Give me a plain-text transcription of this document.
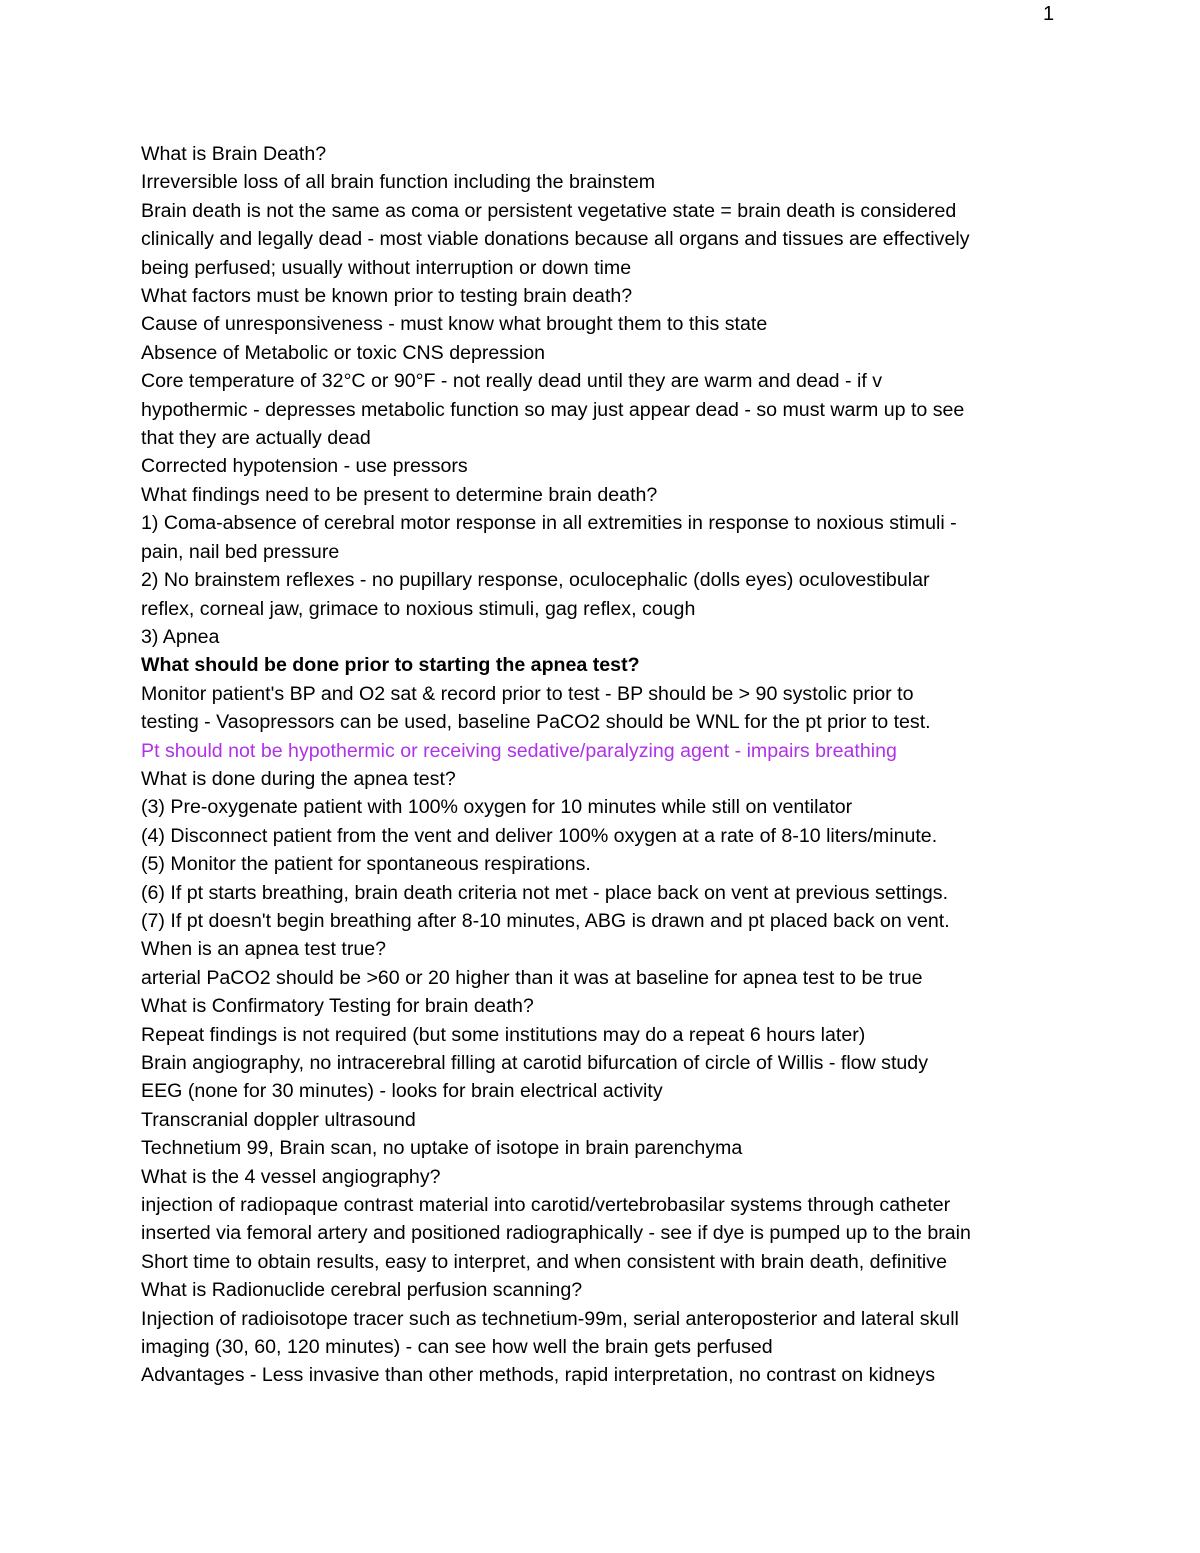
1
What is Brain Death?
Irreversible loss of all brain function including the brainstem
Brain death is not the same as coma or persistent vegetative state = brain death is considered
clinically and legally dead - most viable donations because all organs and tissues are effectively
being perfused; usually without interruption or down time
What factors must be known prior to testing brain death?
Cause of unresponsiveness - must know what brought them to this state
Absence of Metabolic or toxic CNS depression
Core temperature of 32°C or 90°F - not really dead until they are warm and dead - if v
hypothermic - depresses metabolic function so may just appear dead - so must warm up to see
that they are actually dead
Corrected hypotension - use pressors
What findings need to be present to determine brain death?
1) Coma-absence of cerebral motor response in all extremities in response to noxious stimuli -
pain, nail bed pressure
2) No brainstem reflexes - no pupillary response, oculocephalic (dolls eyes) oculovestibular
reflex, corneal jaw, grimace to noxious stimuli, gag reflex, cough
3) Apnea
What should be done prior to starting the apnea test?
Monitor patient's BP and O2 sat & record prior to test - BP should be > 90 systolic prior to
testing - Vasopressors can be used, baseline PaCO2 should be WNL for the pt prior to test.
Pt should not be hypothermic or receiving sedative/paralyzing agent - impairs breathing
What is done during the apnea test?
(3) Pre-oxygenate patient with 100% oxygen for 10 minutes while still on ventilator
(4) Disconnect patient from the vent and deliver 100% oxygen at a rate of 8-10 liters/minute.
(5) Monitor the patient for spontaneous respirations.
(6) If pt starts breathing, brain death criteria not met - place back on vent at previous settings.
(7) If pt doesn't begin breathing after 8-10 minutes, ABG is drawn and pt placed back on vent.
When is an apnea test true?
arterial PaCO2 should be >60 or 20 higher than it was at baseline for apnea test to be true
What is Confirmatory Testing for brain death?
Repeat findings is not required (but some institutions may do a repeat 6 hours later)
Brain angiography, no intracerebral filling at carotid bifurcation of circle of Willis - flow study
EEG (none for 30 minutes) - looks for brain electrical activity
Transcranial doppler ultrasound
Technetium 99, Brain scan, no uptake of isotope in brain parenchyma
What is the 4 vessel angiography?
injection of radiopaque contrast material into carotid/vertebrobasilar systems through catheter
inserted via femoral artery and positioned radiographically - see if dye is pumped up to the brain
Short time to obtain results, easy to interpret, and when consistent with brain death, definitive
What is Radionuclide cerebral perfusion scanning?
Injection of radioisotope tracer such as technetium-99m, serial anteroposterior and lateral skull
imaging (30, 60, 120 minutes) - can see how well the brain gets perfused
Advantages - Less invasive than other methods, rapid interpretation, no contrast on kidneys
